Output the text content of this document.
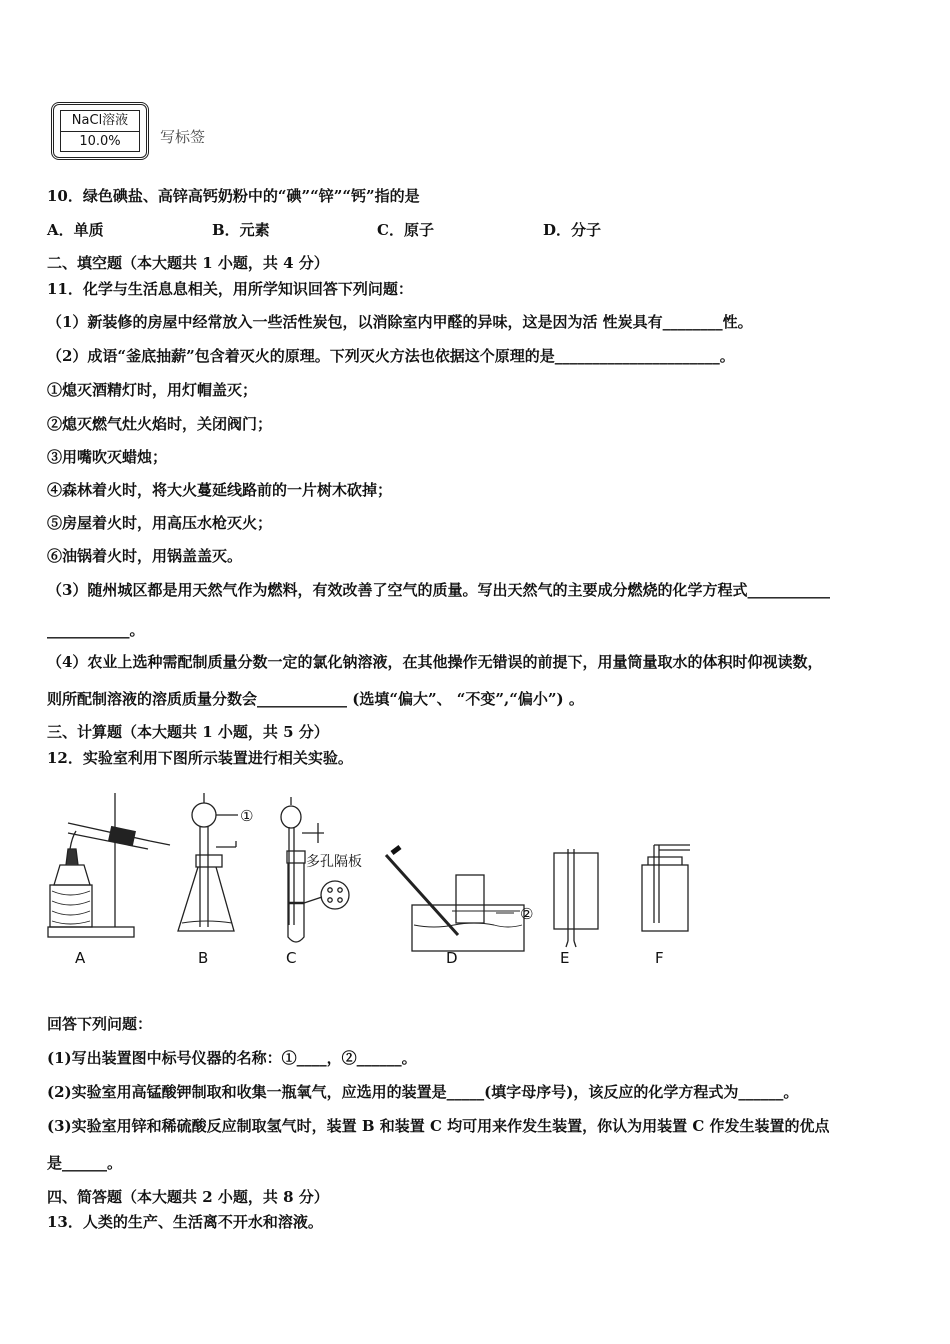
NaCl溶液
10.0%	写标签
10．绿色碘盐、高锌高钙奶粉中的“碘”“锌”“钙”指的是
A．单质	B．元素	C．原子	D．分子
二、填空题（本大题共 1 小题，共 4 分）
11．化学与生活息息相关，用所学知识回答下列问题：
（1）新装修的房屋中经常放入一些活性炭包，以消除室内甲醛的异味，这是因为活 性炭具有________性。
（2）成语“釜底抽薪”包含着灭火的原理。下列灭火方法也依据这个原理的是______________________。
①熄灭酒精灯时，用灯帽盖灭；
②熄灭燃气灶火焰时，关闭阀门；
③用嘴吹灭蜡烛；
④森林着火时，将大火蔓延线路前的一片树木砍掉；
⑤房屋着火时，用高压水枪灭火；
⑥油锅着火时，用锅盖盖灭。
（3）随州城区都是用天然气作为燃料，有效改善了空气的质量。写出天然气的主要成分燃烧的化学方程式___________
___________。
（4）农业上选种需配制质量分数一定的氯化钠溶液，在其他操作无错误的前提下，用量筒量取水的体积时仰视读数，
则所配制溶液的溶质质量分数会____________ (选填“偏大”、 “不变”,“偏小”) 。
三、计算题（本大题共 1 小题，共 5 分）
12．实验室利用下图所示装置进行相关实验。
A	B	C	D	E	F
①
②
多孔隔板
回答下列问题：
(1)写出装置图中标号仪器的名称：①____，②______。
(2)实验室用高锰酸钾制取和收集一瓶氧气，应选用的装置是_____(填字母序号)，该反应的化学方程式为______。
(3)实验室用锌和稀硫酸反应制取氢气时，装置 B 和装置 C 均可用来作发生装置，你认为用装置 C 作发生装置的优点
是______。
四、简答题（本大题共 2 小题，共 8 分）
13．人类的生产、生活离不开水和溶液。
